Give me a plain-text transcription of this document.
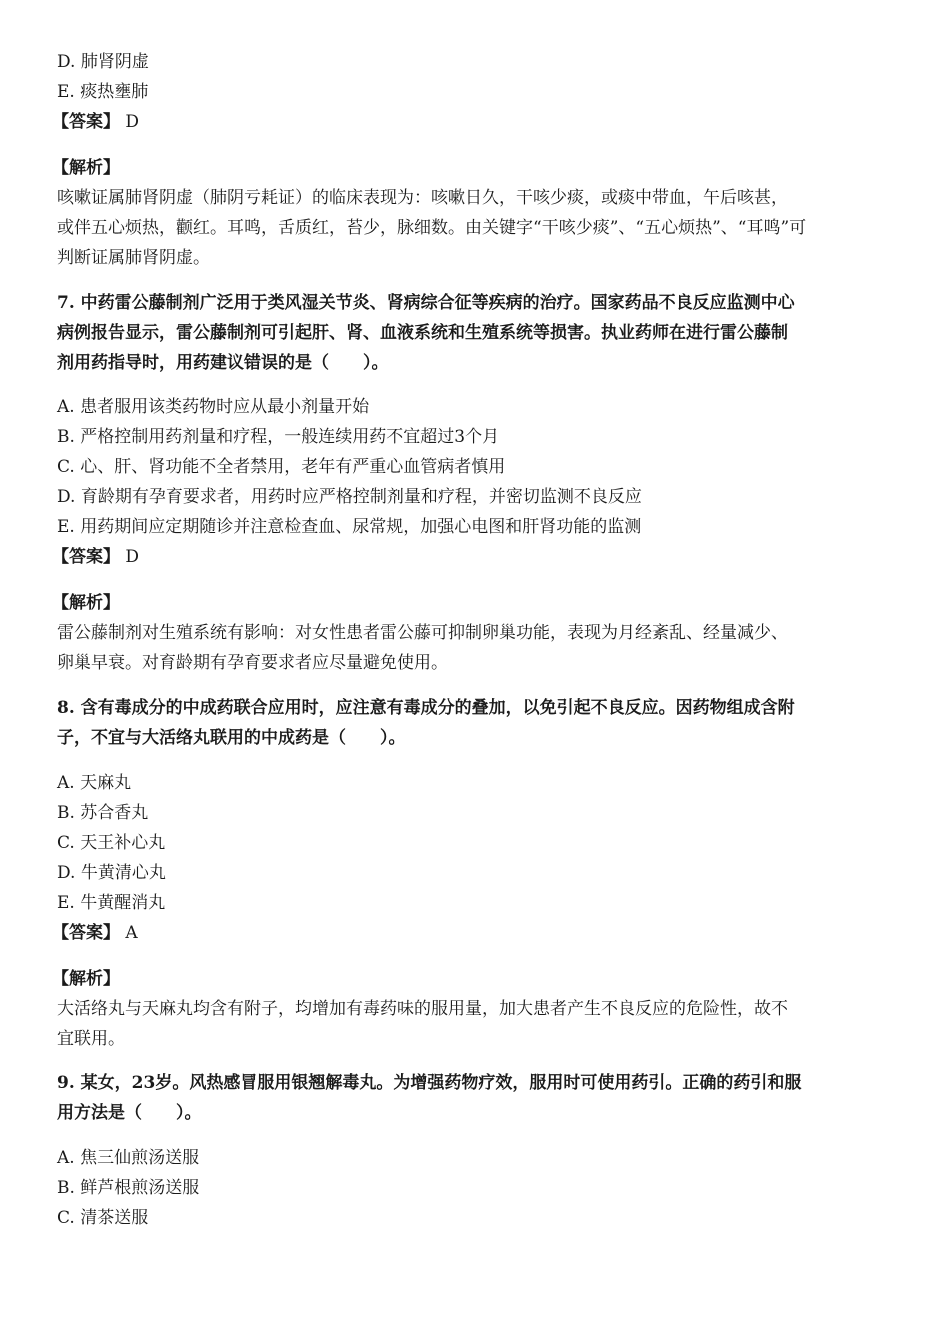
D. 肺肾阴虚
E. 痰热壅肺
【答案】 D
【解析】
咳嗽证属肺肾阴虚（肺阴亏耗证）的临床表现为：咳嗽日久，干咳少痰，或痰中带血，午后咳甚，
或伴五心烦热，颧红。耳鸣，舌质红，苔少，脉细数。由关键字“干咳少痰”、“五心烦热”、“耳鸣”可
判断证属肺肾阴虚。
7. 中药雷公藤制剂广泛用于类风湿关节炎、肾病综合征等疾病的治疗。国家药品不良反应监测中心
病例报告显示，雷公藤制剂可引起肝、肾、血液系统和生殖系统等损害。执业药师在进行雷公藤制
剂用药指导时，用药建议错误的是（　　）。
A. 患者服用该类药物时应从最小剂量开始
B. 严格控制用药剂量和疗程，一般连续用药不宜超过3个月
C. 心、肝、肾功能不全者禁用，老年有严重心血管病者慎用
D. 育龄期有孕育要求者，用药时应严格控制剂量和疗程，并密切监测不良反应
E. 用药期间应定期随诊并注意检查血、尿常规，加强心电图和肝肾功能的监测
【答案】 D
【解析】
雷公藤制剂对生殖系统有影响：对女性患者雷公藤可抑制卵巢功能，表现为月经紊乱、经量减少、
卵巢早衰。对育龄期有孕育要求者应尽量避免使用。
8. 含有毒成分的中成药联合应用时，应注意有毒成分的叠加，以免引起不良反应。因药物组成含附
子，不宜与大活络丸联用的中成药是（　　）。
A. 天麻丸
B. 苏合香丸
C. 天王补心丸
D. 牛黄清心丸
E. 牛黄醒消丸
【答案】 A
【解析】
大活络丸与天麻丸均含有附子，均增加有毒药味的服用量，加大患者产生不良反应的危险性，故不
宜联用。
9. 某女，23岁。风热感冒服用银翘解毒丸。为增强药物疗效，服用时可使用药引。正确的药引和服
用方法是（　　）。
A. 焦三仙煎汤送服
B. 鲜芦根煎汤送服
C. 清茶送服
